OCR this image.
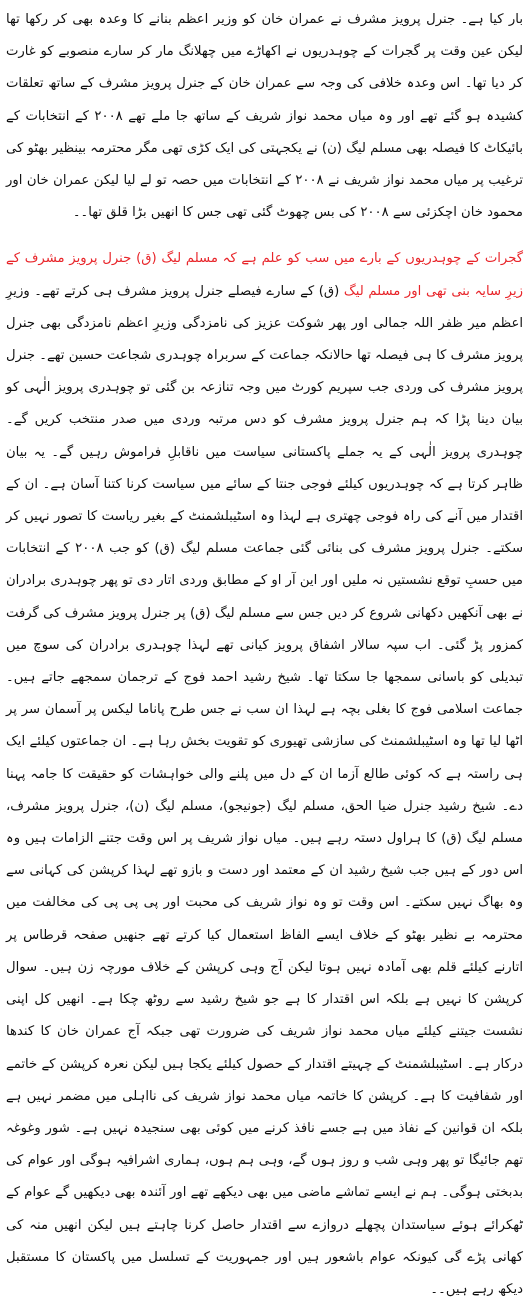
بار کیا ہے۔ جنرل پرویز مشرف نے عمران خان کو وزیر اعظم بنانے کا وعدہ بھی کر رکھا تھا لیکن عین وقت پر گجرات کے چوہدریوں نے اکھاڑے میں چھلانگ مار کر سارے منصوبے کو غارت کر دیا تھا۔ اس وعدہ خلافی کی وجہ سے عمران خان کے جنرل پرویز مشرف کے ساتھ تعلقات کشیدہ ہو گئے تھے اور وہ میاں محمد نواز شریف کے ساتھ جا ملے تھے ۲۰۰۸ کے انتخابات کے بائیکاٹ کا فیصلہ بھی مسلم لیگ (ن) نے یکجہتی کی ایک کڑی تھی مگر محترمہ بینظیر بھٹو کی ترغیب پر میاں محمد نواز شریف نے ۲۰۰۸ کے انتخابات میں حصہ تو لے لیا لیکن عمران خان اور محمود خان اچکزئی سے ۲۰۰۸ کی بس چھوٹ گئی تھی جس کا انھیں بڑا قلق تھا۔۔

گجرات کے چوہدریوں کے بارے میں سب کو علم ہے کہ مسلم لیگ (ق) جنرل پرویز مشرف کے زیرِ سایہ بنی تھی اور مسلم لیگ (ق) کے سارے فیصلے جنرل پرویز مشرف ہی کرتے تھے۔ وزیرِ اعظم میر ظفر اللہ جمالی اور پھر شوکت عزیز کی نامزدگی وزیرِ اعظم نامزدگی بھی جنرل پرویز مشرف کا ہی فیصلہ تھا حالانکہ جماعت کے سربراہ چوہدری شجاعت حسین تھے۔ جنرل پرویز مشرف کی وردی جب سپریم کورٹ میں وجہ تنازعہ بن گئی تو چوہدری پرویز الٰہی کو بیان دینا پڑا کہ ہم جنرل پرویز مشرف کو دس مرتبہ وردی میں صدر منتخب کریں گے۔ چوہدری پرویز الٰہی کے یہ جملے پاکستانی سیاست میں ناقابلِ فراموش رہیں گے۔ یہ بیان ظاہر کرتا ہے کہ چوہدریوں کیلئے فوجی جنتا کے سائے میں سیاست کرنا کتنا آسان ہے۔ ان کے اقتدار میں آنے کی راہ فوجی چھتری ہے لہذا وہ اسٹیبلشمنٹ کے بغیر ریاست کا تصور نہیں کر سکتے۔ جنرل پرویز مشرف کی بنائی گئی جماعت مسلم لیگ (ق) کو جب ۲۰۰۸ کے انتخابات میں حسبِ توقع نشستیں نہ ملیں اور این آر او کے مطابق وردی اتار دی تو پھر چوہدری برادران نے بھی آنکھیں دکھانی شروع کر دیں جس سے مسلم لیگ (ق) پر جنرل پرویز مشرف کی گرفت کمزور پڑ گئی۔ اب سپہ سالار اشفاق پرویز کیانی تھے لہذا چوہدری برادران کی سوچ میں تبدیلی کو باسانی سمجھا جا سکتا تھا۔ شیخ رشید احمد فوج کے ترجمان سمجھے جاتے ہیں۔ جماعت اسلامی فوج کا بغلی بچہ ہے لہذا ان سب نے جس طرح پاناما لیکس پر آسمان سر پر اٹھا لیا تھا وہ اسٹیبلشمنٹ کی سازشی تھیوری کو تقویت بخش رہا ہے۔ ان جماعتوں کیلئے ایک ہی راستہ ہے کہ کوئی طالع آزما ان کے دل میں پلنے والی خواہشات کو حقیقت کا جامہ پہنا دے۔ شیخ رشید جنرل ضیا الحق، مسلم لیگ (جونیجو)، مسلم لیگ (ن)، جنرل پرویز مشرف، مسلم لیگ (ق) کا ہراول دستہ رہے ہیں۔ میاں نواز شریف پر اس وقت جتنے الزامات ہیں وہ اس دور کے ہیں جب شیخ رشید ان کے معتمد اور دست و بازو تھے لہذا کرپشن کی کہانی سے وہ بھاگ نہیں سکتے۔ اس وقت تو وہ نواز شریف کی محبت اور پی پی پی کی مخالفت میں محترمہ بے نظیر بھٹو کے خلاف ایسے الفاظ استعمال کیا کرتے تھے جنھیں صفحہ قرطاس پر اتارنے کیلئے قلم بھی آمادہ نہیں ہوتا لیکن آج وہی کرپشن کے خلاف مورچہ زن ہیں۔ سوال کرپشن کا نہیں ہے بلکہ اس اقتدار کا ہے جو شیخ رشید سے روٹھ چکا ہے۔ انھیں کل اپنی نشست جیتنے کیلئے میاں محمد نواز شریف کی ضرورت تھی جبکہ آج عمران خان کا کندھا درکار ہے۔ اسٹیبلشمنٹ کے چہیتے اقتدار کے حصول کیلئے یکجا ہیں لیکن نعرہ کرپشن کے خاتمے اور شفافیت کا ہے۔ کرپشن کا خاتمہ میاں محمد نواز شریف کی نااہلی میں مضمر نہیں ہے بلکہ ان قوانین کے نفاذ میں ہے جسے نافذ کرنے میں کوئی بھی سنجیدہ نہیں ہے۔ شور وغوغہ تھم جائیگا تو پھر وہی شب و روز ہوں گے، وہی ہم ہوں، ہماری اشرافیہ ہوگی اور عوام کی بدبختی ہوگی۔ ہم نے ایسے تماشے ماضی میں بھی دیکھے تھے اور آئندہ بھی دیکھیں گے عوام کے ٹھکرائے ہوئے سیاستدان پچھلے دروازے سے اقتدار حاصل کرنا چاہتے ہیں لیکن انھیں منہ کی کھانی پڑے گی کیونکہ عوام باشعور ہیں اور جمہوریت کے تسلسل میں پاکستان کا مستقبل دیکھ رہے ہیں۔۔
